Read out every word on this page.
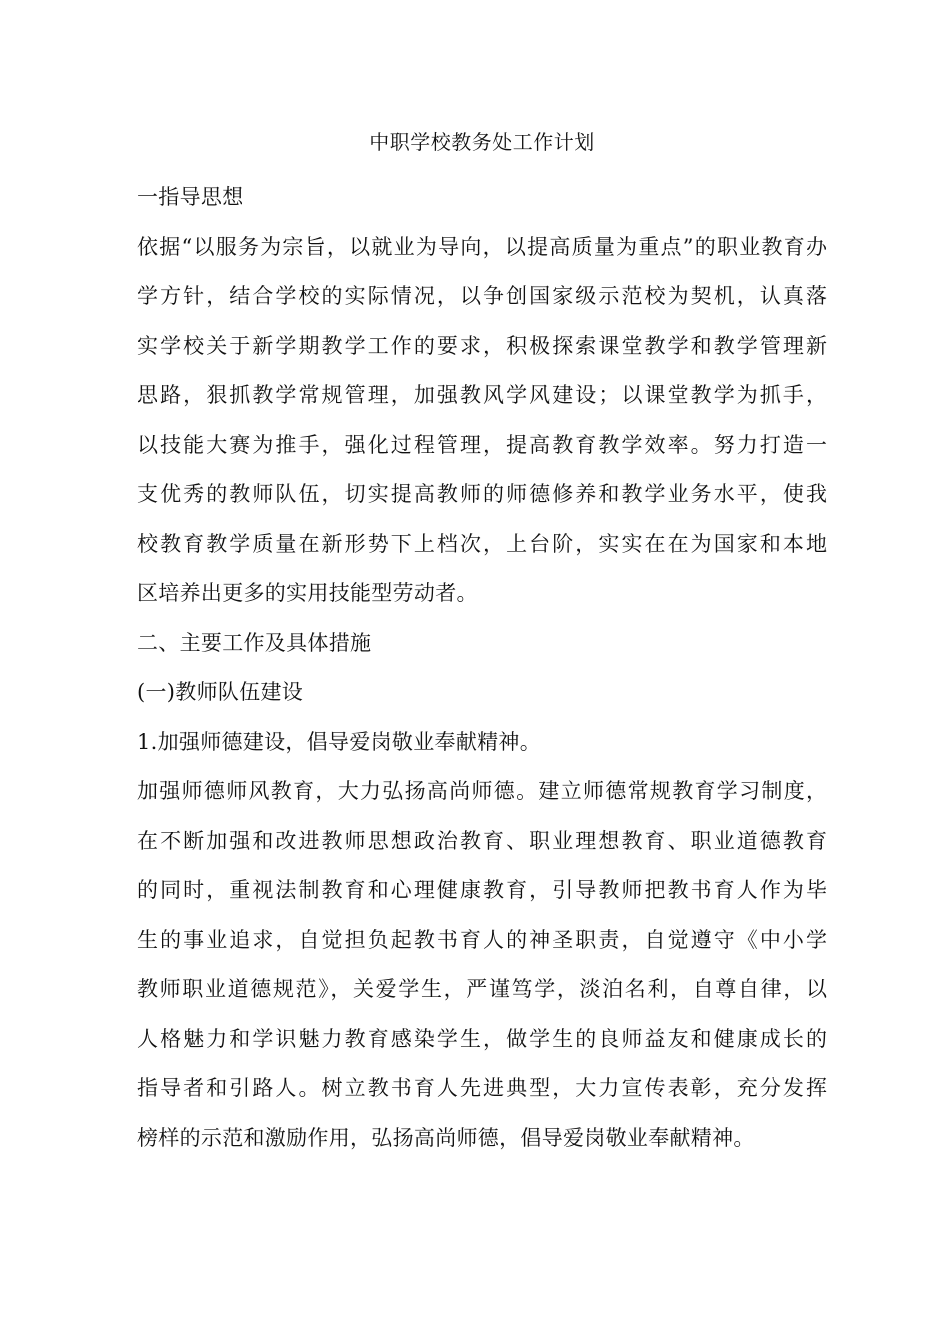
中职学校教务处工作计划
一指导思想
依据“以服务为宗旨，以就业为导向，以提高质量为重点”的职业教育办
学方针，结合学校的实际情况，以争创国家级示范校为契机，认真落
实学校关于新学期教学工作的要求，积极探索课堂教学和教学管理新
思路，狠抓教学常规管理，加强教风学风建设；以课堂教学为抓手，
以技能大赛为推手，强化过程管理，提高教育教学效率。努力打造一
支优秀的教师队伍，切实提高教师的师德修养和教学业务水平，使我
校教育教学质量在新形势下上档次，上台阶，实实在在为国家和本地
区培养出更多的实用技能型劳动者。
二、主要工作及具体措施
(一)教师队伍建设
1.加强师德建设，倡导爱岗敬业奉献精神。
加强师德师风教育，大力弘扬高尚师德。建立师德常规教育学习制度，
在不断加强和改进教师思想政治教育、职业理想教育、职业道德教育
的同时，重视法制教育和心理健康教育，引导教师把教书育人作为毕
生的事业追求，自觉担负起教书育人的神圣职责，自觉遵守《中小学
教师职业道德规范》，关爱学生，严谨笃学，淡泊名利，自尊自律，以
人格魅力和学识魅力教育感染学生，做学生的良师益友和健康成长的
指导者和引路人。树立教书育人先进典型，大力宣传表彰，充分发挥
榜样的示范和激励作用，弘扬高尚师德，倡导爱岗敬业奉献精神。
